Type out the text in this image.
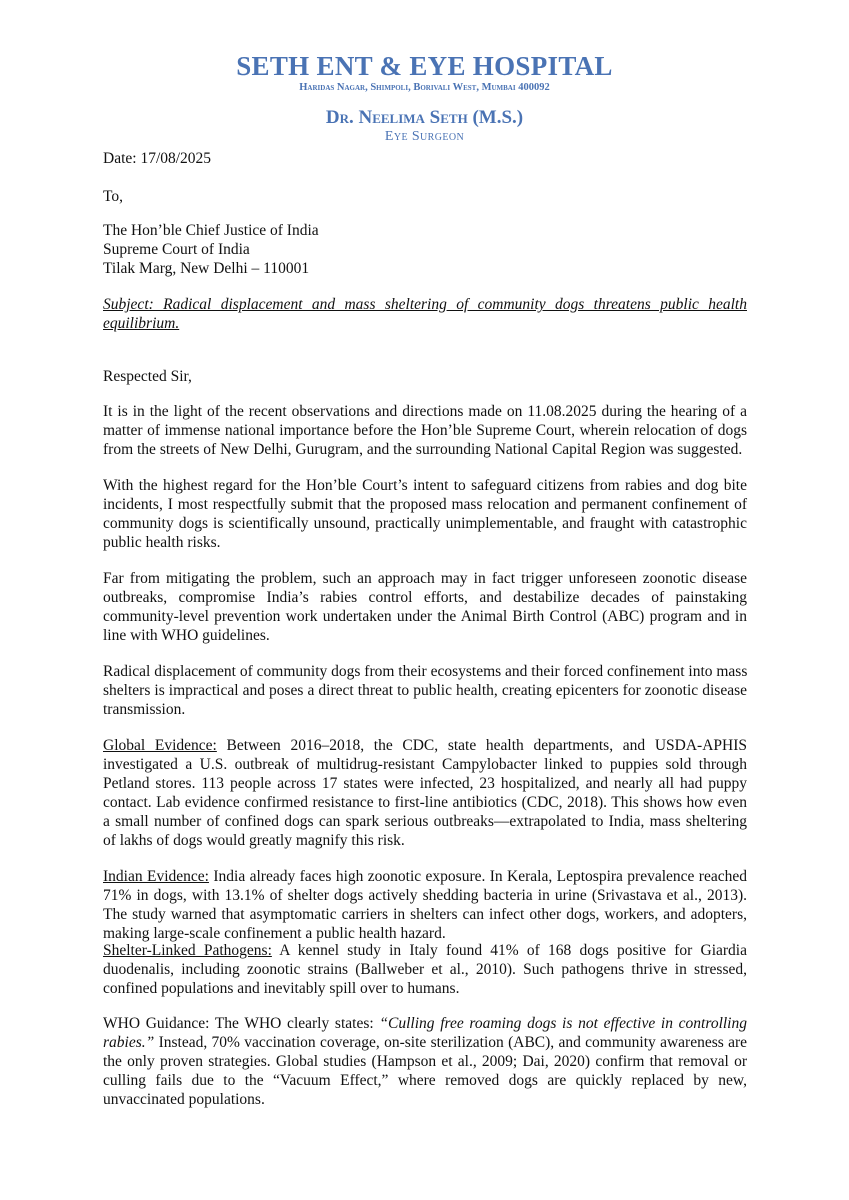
SETH ENT & EYE HOSPITAL
Haridas Nagar, Shimpoli, Borivali West, Mumbai 400092
Dr. Neelima Seth (M.S.)
Eye Surgeon
Date: 17/08/2025
To,
The Hon’ble Chief Justice of India
Supreme Court of India
Tilak Marg, New Delhi – 110001
Subject: Radical displacement and mass sheltering of community dogs threatens public health
equilibrium.
Respected Sir,
It is in the light of the recent observations and directions made on 11.08.2025 during the hearing of a
matter of immense national importance before the Hon’ble Supreme Court, wherein relocation of dogs
from the streets of New Delhi, Gurugram, and the surrounding National Capital Region was suggested.
With the highest regard for the Hon’ble Court’s intent to safeguard citizens from rabies and dog bite
incidents, I most respectfully submit that the proposed mass relocation and permanent confinement of
community dogs is scientifically unsound, practically unimplementable, and fraught with catastrophic
public health risks.
Far from mitigating the problem, such an approach may in fact trigger unforeseen zoonotic disease
outbreaks, compromise India’s rabies control efforts, and destabilize decades of painstaking
community-level prevention work undertaken under the Animal Birth Control (ABC) program and in
line with WHO guidelines.
Radical displacement of community dogs from their ecosystems and their forced confinement into mass
shelters is impractical and poses a direct threat to public health, creating epicenters for zoonotic disease
transmission.
Global Evidence: Between 2016–2018, the CDC, state health departments, and USDA-APHIS
investigated a U.S. outbreak of multidrug-resistant Campylobacter linked to puppies sold through
Petland stores. 113 people across 17 states were infected, 23 hospitalized, and nearly all had puppy
contact. Lab evidence confirmed resistance to first-line antibiotics (CDC, 2018). This shows how even
a small number of confined dogs can spark serious outbreaks—extrapolated to India, mass sheltering
of lakhs of dogs would greatly magnify this risk.
Indian Evidence: India already faces high zoonotic exposure. In Kerala, Leptospira prevalence reached
71% in dogs, with 13.1% of shelter dogs actively shedding bacteria in urine (Srivastava et al., 2013).
The study warned that asymptomatic carriers in shelters can infect other dogs, workers, and adopters,
making large-scale confinement a public health hazard.
Shelter-Linked Pathogens: A kennel study in Italy found 41% of 168 dogs positive for Giardia
duodenalis, including zoonotic strains (Ballweber et al., 2010). Such pathogens thrive in stressed,
confined populations and inevitably spill over to humans.
WHO Guidance: The WHO clearly states: “Culling free roaming dogs is not effective in controlling
rabies.” Instead, 70% vaccination coverage, on-site sterilization (ABC), and community awareness are
the only proven strategies. Global studies (Hampson et al., 2009; Dai, 2020) confirm that removal or
culling fails due to the “Vacuum Effect,” where removed dogs are quickly replaced by new,
unvaccinated populations.
